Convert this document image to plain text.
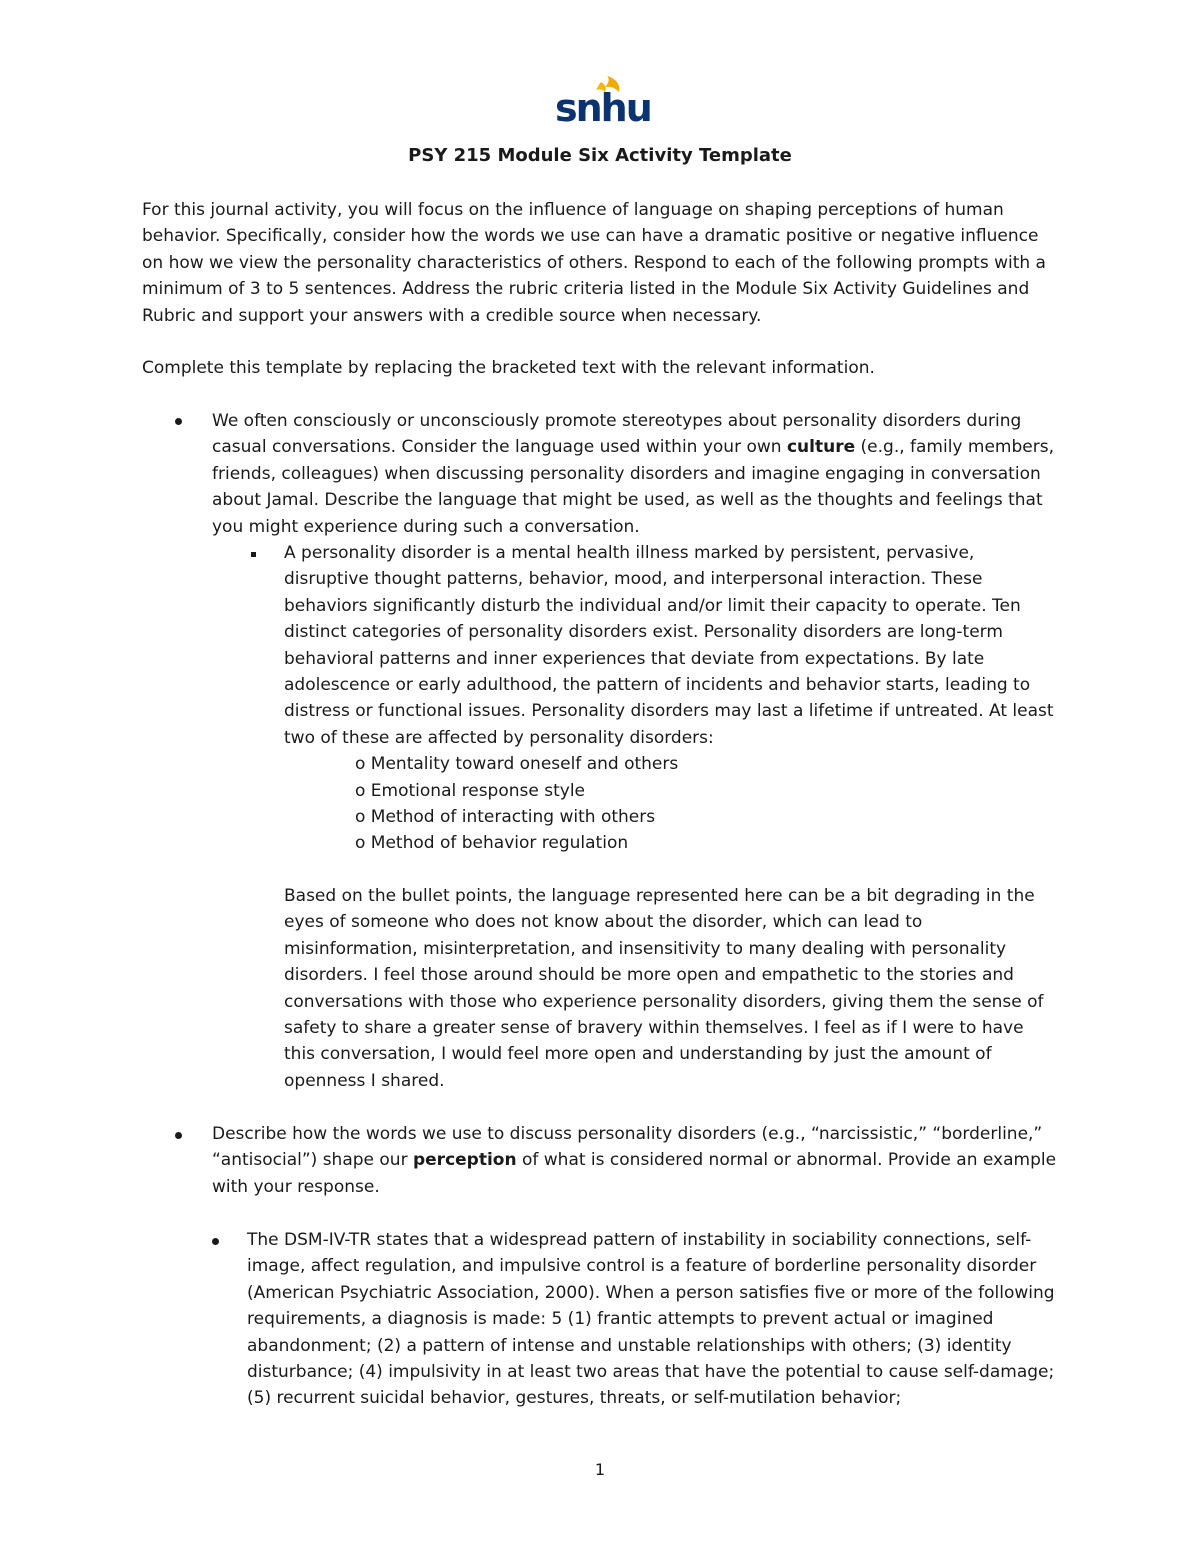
snhu
PSY 215 Module Six Activity Template
For this journal activity, you will focus on the influence of language on shaping perceptions of human behavior. Specifically, consider how the words we use can have a dramatic positive or negative influence on how we view the personality characteristics of others. Respond to each of the following prompts with a minimum of 3 to 5 sentences. Address the rubric criteria listed in the Module Six Activity Guidelines and Rubric and support your answers with a credible source when necessary.
Complete this template by replacing the bracketed text with the relevant information.
We often consciously or unconsciously promote stereotypes about personality disorders during casual conversations. Consider the language used within your own culture (e.g., family members, friends, colleagues) when discussing personality disorders and imagine engaging in conversation about Jamal. Describe the language that might be used, as well as the thoughts and feelings that you might experience during such a conversation.
A personality disorder is a mental health illness marked by persistent, pervasive, disruptive thought patterns, behavior, mood, and interpersonal interaction. These behaviors significantly disturb the individual and/or limit their capacity to operate. Ten distinct categories of personality disorders exist. Personality disorders are long-term behavioral patterns and inner experiences that deviate from expectations. By late adolescence or early adulthood, the pattern of incidents and behavior starts, leading to distress or functional issues. Personality disorders may last a lifetime if untreated. At least two of these are affected by personality disorders:
o Mentality toward oneself and others
o Emotional response style
o Method of interacting with others
o Method of behavior regulation
Based on the bullet points, the language represented here can be a bit degrading in the eyes of someone who does not know about the disorder, which can lead to misinformation, misinterpretation, and insensitivity to many dealing with personality disorders. I feel those around should be more open and empathetic to the stories and conversations with those who experience personality disorders, giving them the sense of safety to share a greater sense of bravery within themselves. I feel as if I were to have this conversation, I would feel more open and understanding by just the amount of openness I shared.
Describe how the words we use to discuss personality disorders (e.g., “narcissistic,” “borderline,” “antisocial”) shape our perception of what is considered normal or abnormal. Provide an example with your response.
The DSM-IV-TR states that a widespread pattern of instability in sociability connections, self-image, affect regulation, and impulsive control is a feature of borderline personality disorder (American Psychiatric Association, 2000). When a person satisfies five or more of the following requirements, a diagnosis is made: 5 (1) frantic attempts to prevent actual or imagined abandonment; (2) a pattern of intense and unstable relationships with others; (3) identity disturbance; (4) impulsivity in at least two areas that have the potential to cause self-damage; (5) recurrent suicidal behavior, gestures, threats, or self-mutilation behavior;
1
